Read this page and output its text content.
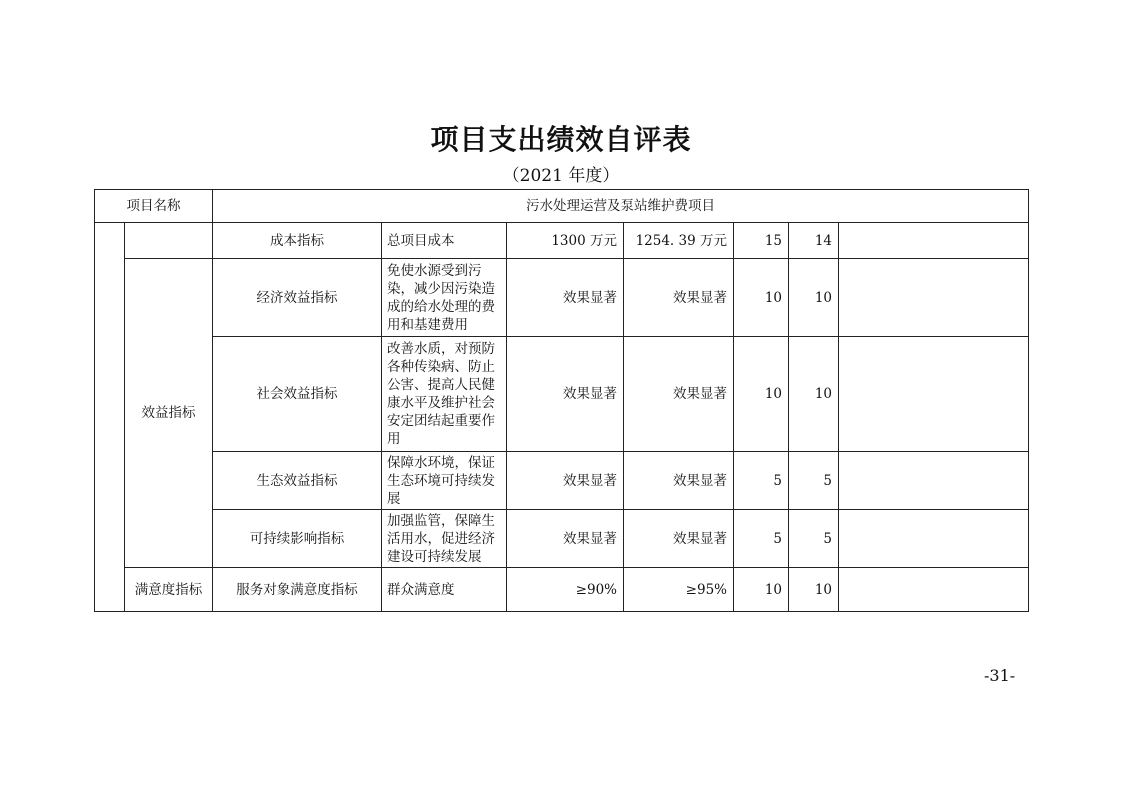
项目支出绩效自评表
（2021 年度）
项目名称		污水处理运营及泵站维护费项目						
		成本指标	总项目成本	1300 万元	1254. 39 万元	15	14	
	效益指标	经济效益指标	免使水源受到污染，减少因污染造成的给水处理的费用和基建费用	效果显著	效果显著	10	10	
		社会效益指标	改善水质，对预防各种传染病、防止公害、提高人民健康水平及维护社会安定团结起重要作用	效果显著	效果显著	10	10	
		生态效益指标	保障水环境，保证生态环境可持续发展	效果显著	效果显著	5	5	
		可持续影响指标	加强监管，保障生活用水，促进经济建设可持续发展	效果显著	效果显著	5	5	
	满意度指标	服务对象满意度指标	群众满意度	≥90%	≥95%	10	10	
-31-
